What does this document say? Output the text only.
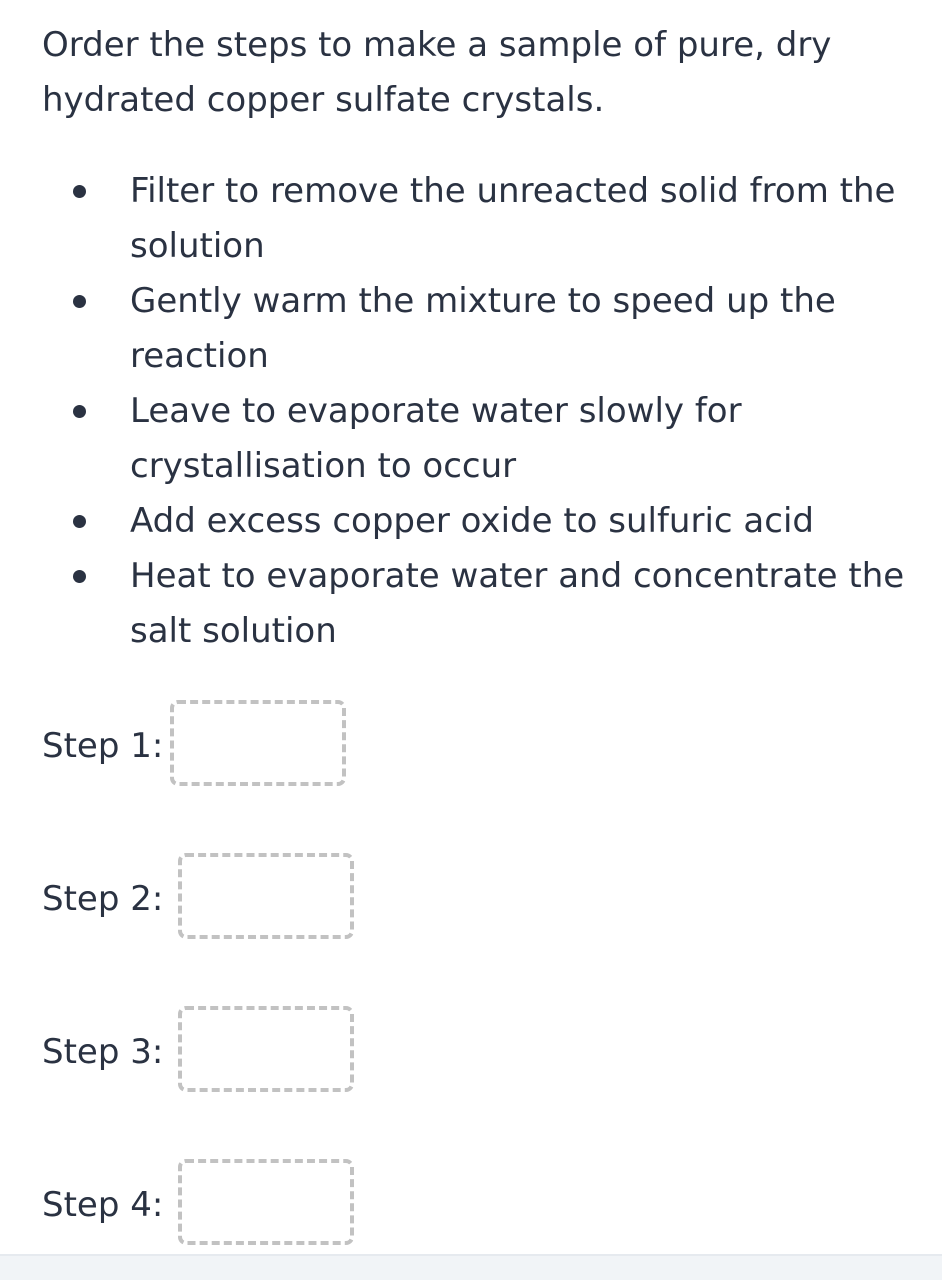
Order the steps to make a sample of pure, dry
hydrated copper sulfate crystals.
Filter to remove the unreacted solid from the solution
Gently warm the mixture to speed up the reaction
Leave to evaporate water slowly for crystallisation to occur
Add excess copper oxide to sulfuric acid
Heat to evaporate water and concentrate the salt solution
Step 1:
Step 2:
Step 3:
Step 4:
